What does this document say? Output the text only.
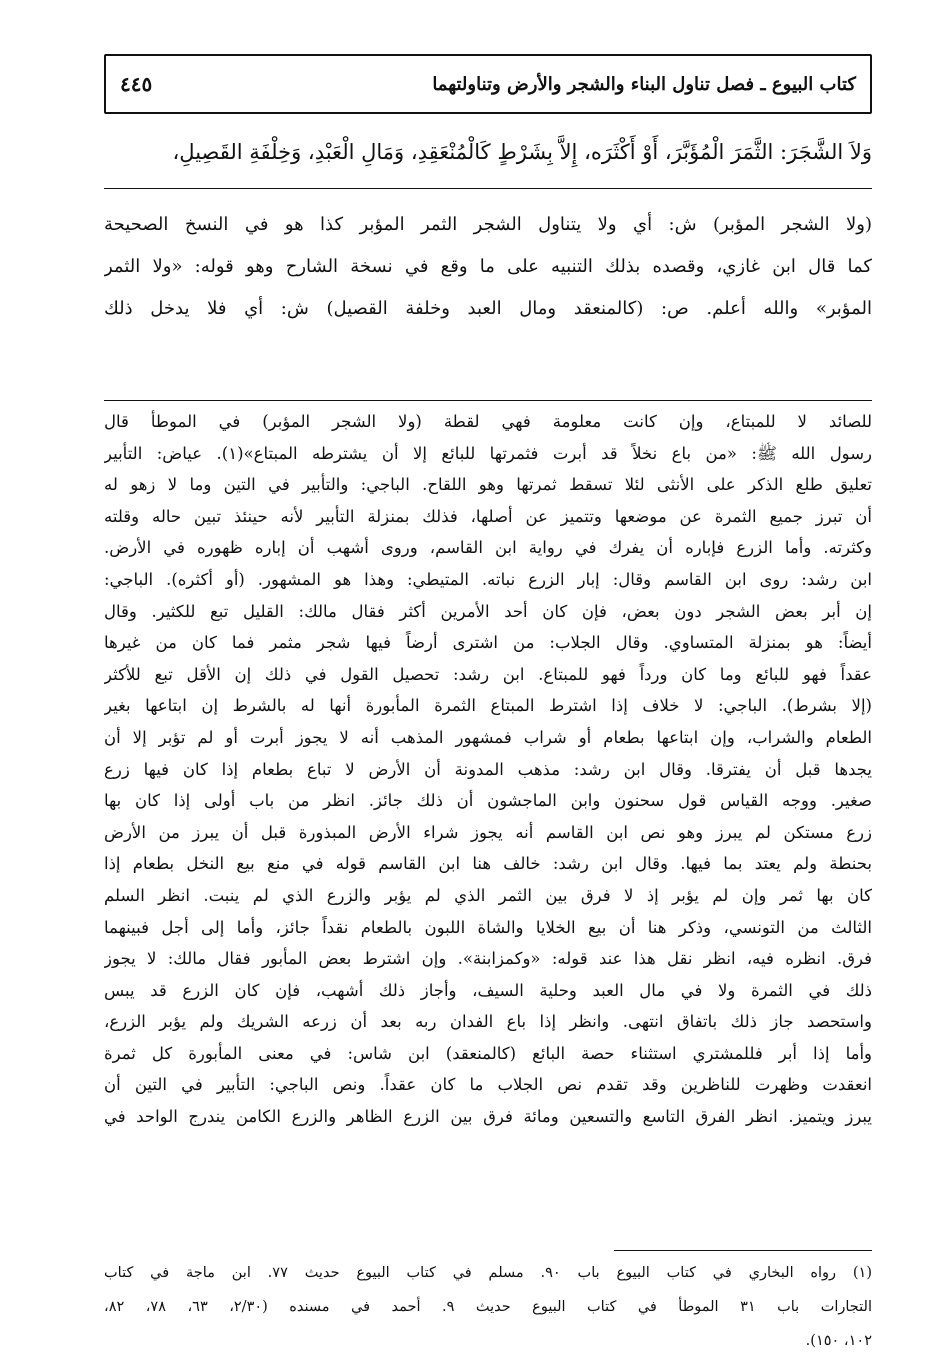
كتاب البيوع ـ فصل تناول البناء والشجر والأرض وتناولتهما
٤٤٥
وَلاَ الشَّجَرَ: الثَّمَرَ الْمُؤَبَّرَ، أَوْ أَكْثَرَه، إِلاَّ بِشَرْطٍ كَالْمُنْعَقِدِ، وَمَالِ الْعَبْدِ، وَخِلْفَةِ القَصِيلِ،
(ولا الشجر المؤبر) ش: أي ولا يتناول الشجر الثمر المؤبر كذا هو في النسخ الصحيحة
كما قال ابن غازي، وقصده بذلك التنبيه على ما وقع في نسخة الشارح وهو قوله: «ولا الثمر
المؤبر» والله أعلم. ص: (كالمنعقد ومال العبد وخلفة القصيل) ش: أي فلا يدخل ذلك
للصائد لا للمبتاع، وإن كانت معلومة فهي لقطة (ولا الشجر المؤبر) في الموطأ قال
رسول الله ﷺ: «من باع نخلاً قد أبرت فثمرتها للبائع إلا أن يشترطه المبتاع»(١). عياض: التأبير
تعليق طلع الذكر على الأنثى لئلا تسقط ثمرتها وهو اللقاح. الباجي: والتأبير في التين وما لا زهو له
أن تبرز جميع الثمرة عن موضعها وتتميز عن أصلها، فذلك بمنزلة التأبير لأنه حينئذ تبين حاله وقلته
وكثرته. وأما الزرع فإباره أن يفرك في رواية ابن القاسم، وروى أشهب أن إباره ظهوره في الأرض.
ابن رشد: روى ابن القاسم وقال: إبار الزرع نباته. المتيطي: وهذا هو المشهور. (أو أكثره). الباجي:
إن أبر بعض الشجر دون بعض، فإن كان أحد الأمرين أكثر فقال مالك: القليل تبع للكثير. وقال
أيضاً: هو بمنزلة المتساوي. وقال الجلاب: من اشترى أرضاً فيها شجر مثمر فما كان من غيرها
عقداً فهو للبائع وما كان ورداً فهو للمبتاع. ابن رشد: تحصيل القول في ذلك إن الأقل تبع للأكثر
(إلا بشرط). الباجي: لا خلاف إذا اشترط المبتاع الثمرة المأبورة أنها له بالشرط إن ابتاعها بغير
الطعام والشراب، وإن ابتاعها بطعام أو شراب فمشهور المذهب أنه لا يجوز أبرت أو لم تؤبر إلا أن
يجدها قبل أن يفترقا. وقال ابن رشد: مذهب المدونة أن الأرض لا تباع بطعام إذا كان فيها زرع
صغير. ووجه القياس قول سحنون وابن الماجشون أن ذلك جائز. انظر من باب أولى إذا كان بها
زرع مستكن لم يبرز وهو نص ابن القاسم أنه يجوز شراء الأرض المبذورة قبل أن يبرز من الأرض
بحنطة ولم يعتد بما فيها. وقال ابن رشد: خالف هنا ابن القاسم قوله في منع بيع النخل بطعام إذا
كان بها ثمر وإن لم يؤبر إذ لا فرق بين الثمر الذي لم يؤبر والزرع الذي لم ينبت. انظر السلم
الثالث من التونسي، وذكر هنا أن بيع الخلايا والشاة اللبون بالطعام نقداً جائز، وأما إلى أجل فبينهما
فرق. انظره فيه، انظر نقل هذا عند قوله: «وكمزابنة». وإن اشترط بعض المأبور فقال مالك: لا يجوز
ذلك في الثمرة ولا في مال العبد وحلية السيف، وأجاز ذلك أشهب، فإن كان الزرع قد يبس
واستحصد جاز ذلك باتفاق انتهى. وانظر إذا باع الفدان ربه بعد أن زرعه الشريك ولم يؤبر الزرع،
وأما إذا أبر فللمشتري استثناء حصة البائع (كالمنعقد) ابن شاس: في معنى المأبورة كل ثمرة
انعقدت وظهرت للناظرين وقد تقدم نص الجلاب ما كان عقداً. ونص الباجي: التأبير في التين أن
يبرز ويتميز. انظر الفرق التاسع والتسعين ومائة فرق بين الزرع الظاهر والزرع الكامن يندرج الواحد في
(١) رواه البخاري في كتاب البيوع باب ٩٠. مسلم في كتاب البيوع حديث ٧٧. ابن ماجة في كتاب
التجارات باب ٣١ الموطأ في كتاب البيوع حديث ٩. أحمد في مسنده (٢/٣٠، ٦٣، ٧٨، ٨٢،
١٠٢، ١٥٠).
